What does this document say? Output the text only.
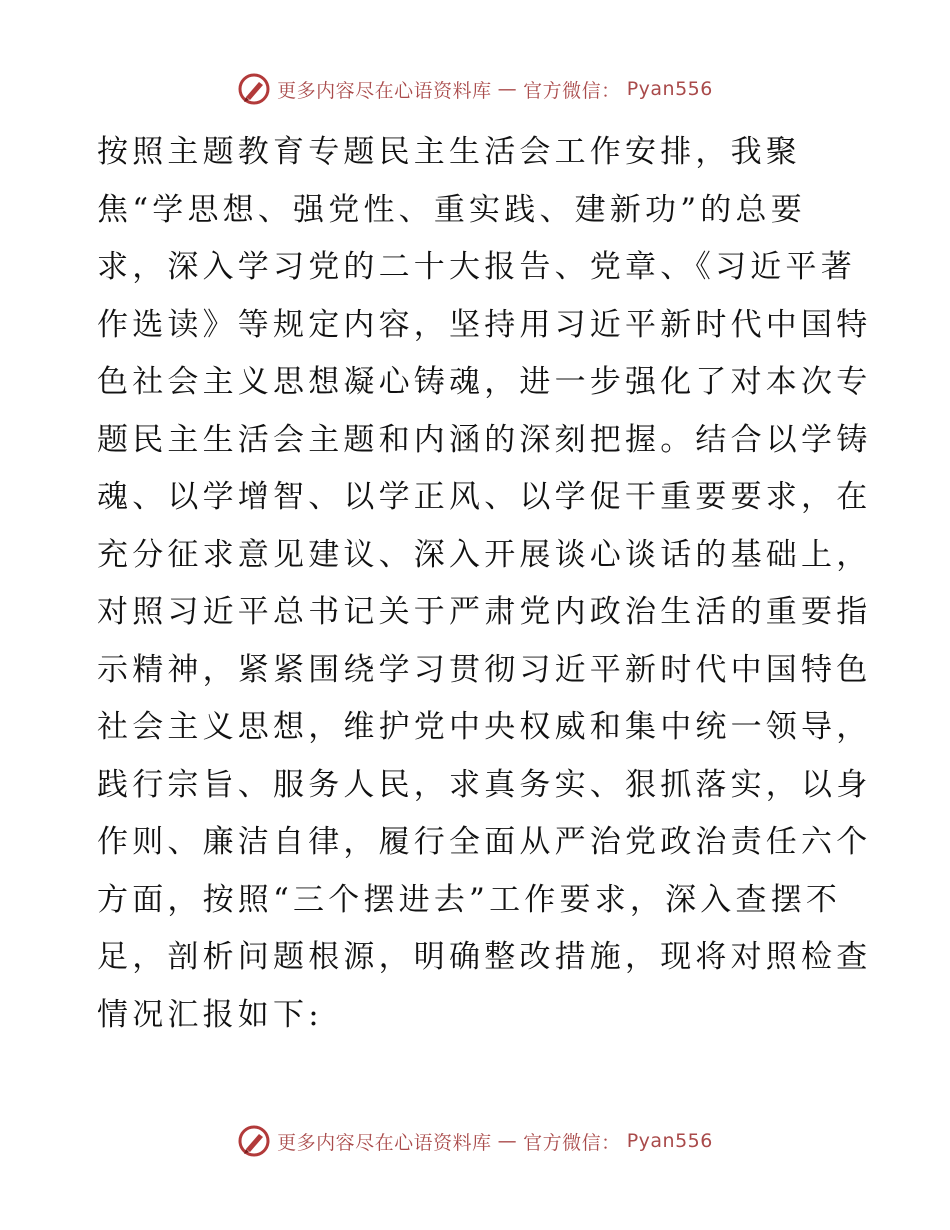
更多内容尽在心语资料库 — 官方微信： Pyan556
按照主题教育专题民主生活会工作安排，我聚
焦“学思想、强党性、重实践、建新功”的总要
求，深入学习党的二十大报告、党章、《习近平著
作选读》等规定内容，坚持用习近平新时代中国特
色社会主义思想凝心铸魂，进一步强化了对本次专
题民主生活会主题和内涵的深刻把握。结合以学铸
魂、以学增智、以学正风、以学促干重要要求，在
充分征求意见建议、深入开展谈心谈话的基础上，
对照习近平总书记关于严肃党内政治生活的重要指
示精神，紧紧围绕学习贯彻习近平新时代中国特色
社会主义思想，维护党中央权威和集中统一领导，
践行宗旨、服务人民，求真务实、狠抓落实，以身
作则、廉洁自律，履行全面从严治党政治责任六个
方面，按照“三个摆进去”工作要求，深入查摆不
足，剖析问题根源，明确整改措施，现将对照检查
情况汇报如下:
更多内容尽在心语资料库 — 官方微信： Pyan556
